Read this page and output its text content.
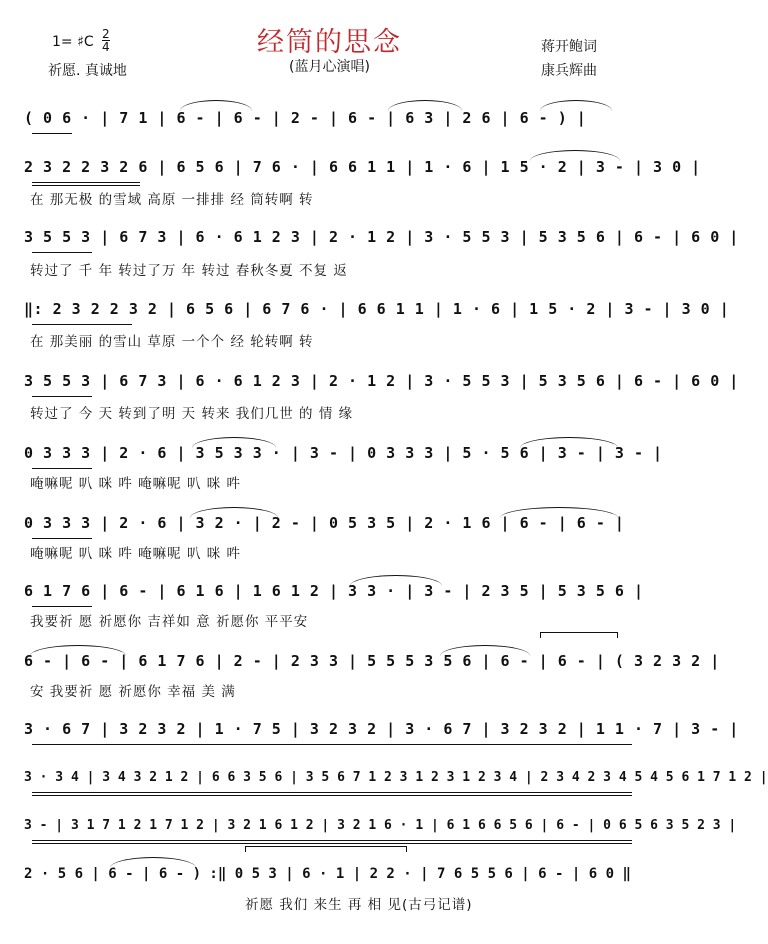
经筒的思念
(蓝月心演唱)
1= ♯C 2
4
祈愿. 真诚地
蒋开鲍词
康兵辉曲
( 0 6 · | 7 1 | 6 - | 6 - | 2 - | 6 - | 6 3 | 2 6 | 6 - ) |
2 3 2 2 3 2 6 | 6 5 6 | 7 6 · | 6 6 1 1 | 1 · 6 | 1 5 · 2 | 3 - | 3 0 |
在 那无极 的雪域 高原 一排排 经 筒转啊 转
3 5 5 3 | 6 7 3 | 6 · 6 1 2 3 | 2 · 1 2 | 3 · 5 5 3 | 5 3 5 6 | 6 - | 6 0 |
转过了 千 年 转过了万 年 转过 春秋冬夏 不复 返
‖: 2 3 2 2 3 2 | 6 5 6 | 6 7 6 · | 6 6 1 1 | 1 · 6 | 1 5 · 2 | 3 - | 3 0 |
在 那美丽 的雪山 草原 一个个 经 轮转啊 转
3 5 5 3 | 6 7 3 | 6 · 6 1 2 3 | 2 · 1 2 | 3 · 5 5 3 | 5 3 5 6 | 6 - | 6 0 |
转过了 今 天 转到了明 天 转来 我们几世 的 情 缘
0 3 3 3 | 2 · 6 | 3 5 3 3 · | 3 - | 0 3 3 3 | 5 · 5 6 | 3 - | 3 - |
唵嘛呢 叭 咪 吽 唵嘛呢 叭 咪 吽
0 3 3 3 | 2 · 6 | 3 2 · | 2 - | 0 5 3 5 | 2 · 1 6 | 6 - | 6 - |
唵嘛呢 叭 咪 吽 唵嘛呢 叭 咪 吽
6 1 7 6 | 6 - | 6 1 6 | 1 6 1 2 | 3 3 · | 3 - | 2 3 5 | 5 3 5 6 |
我要祈 愿 祈愿你 吉祥如 意 祈愿你 平平安
6 - | 6 - | 6 1 7 6 | 2 - | 2 3 3 | 5 5 5 3 5 6 | 6 - | 6 - | ( 3 2 3 2 |
安 我要祈 愿 祈愿你 幸福 美 满
3 · 6 7 | 3 2 3 2 | 1 · 7 5 | 3 2 3 2 | 3 · 6 7 | 3 2 3 2 | 1 1 · 7 | 3 - |
3 · 3 4 | 3 4 3 2 1 2 | 6 6 3 5 6 | 3 5 6 7 1 2 3 1 2 3 1 2 3 4 | 2 3 4 2 3 4 5 4 5 6 1 7 1 2 |
3 - | 3 1 7 1 2 1 7 1 2 | 3 2 1 6 1 2 | 3 2 1 6 · 1 | 6 1 6 6 5 6 | 6 - | 0 6 5 6 3 5 2 3 |
2 · 5 6 | 6 - | 6 - ) :‖ 0 5 3 | 6 · 1 | 2 2 · | 7 6 5 5 6 | 6 - | 6 0 ‖
祈愿 我们 来生 再 相 见(古弓记谱)
